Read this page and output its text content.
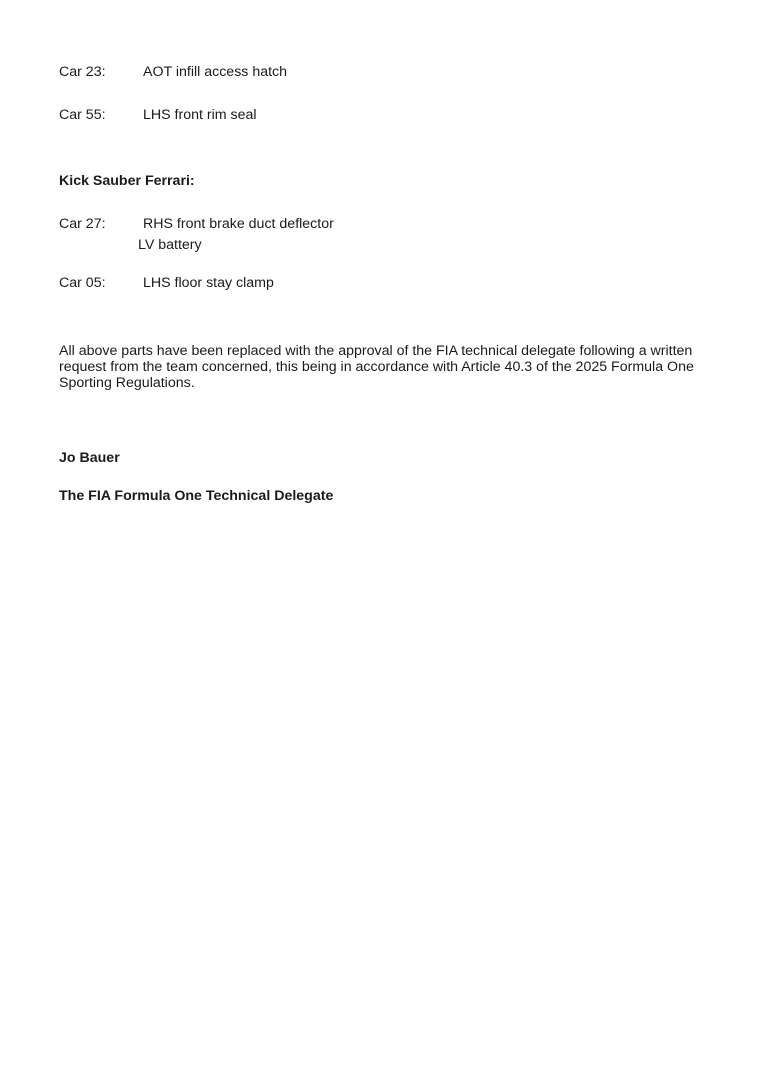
Car 23:	AOT infill access hatch
Car 55:	LHS front rim seal
Kick Sauber Ferrari:
Car 27:	RHS front brake duct deflector
LV battery
Car 05:	LHS floor stay clamp

All above parts have been replaced with the approval of the FIA technical delegate following a written request from the team concerned, this being in accordance with Article 40.3 of the 2025 Formula One Sporting Regulations.

Jo Bauer
The FIA Formula One Technical Delegate
